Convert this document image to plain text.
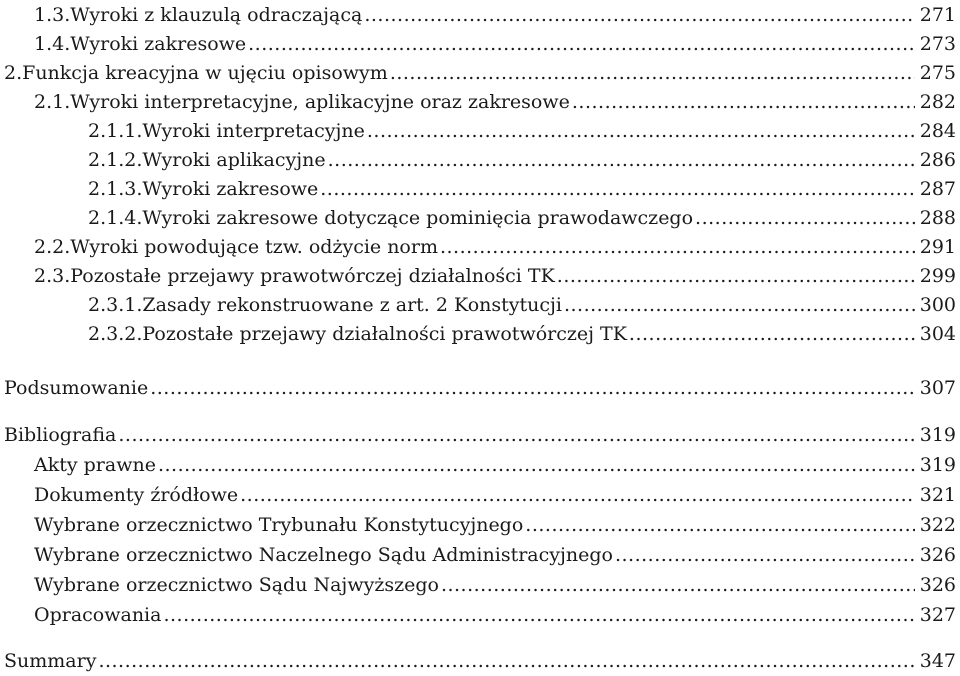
1.3. Wyroki z klauzulą odraczającą .....	271
1.4. Wyroki zakresowe .....	273
2. Funkcja kreacyjna w ujęciu opisowym .....	275
2.1. Wyroki interpretacyjne, aplikacyjne oraz zakresowe .....	282
2.1.1. Wyroki interpretacyjne .....	284
2.1.2. Wyroki aplikacyjne .....	286
2.1.3. Wyroki zakresowe .....	287
2.1.4. Wyroki zakresowe dotyczące pominięcia prawodawczego .....	288
2.2. Wyroki powodujące tzw. odżycie norm .....	291
2.3. Pozostałe przejawy prawotwórczej działalności TK .....	299
2.3.1. Zasady rekonstruowane z art. 2 Konstytucji .....	300
2.3.2. Pozostałe przejawy działalności prawotwórczej TK .....	304
Podsumowanie .....	307
Bibliografia .....	319
Akty prawne .....	319
Dokumenty źródłowe .....	321
Wybrane orzecznictwo Trybunału Konstytucyjnego .....	322
Wybrane orzecznictwo Naczelnego Sądu Administracyjnego .....	326
Wybrane orzecznictwo Sądu Najwyższego .....	326
Opracowania .....	327
Summary .....	347
